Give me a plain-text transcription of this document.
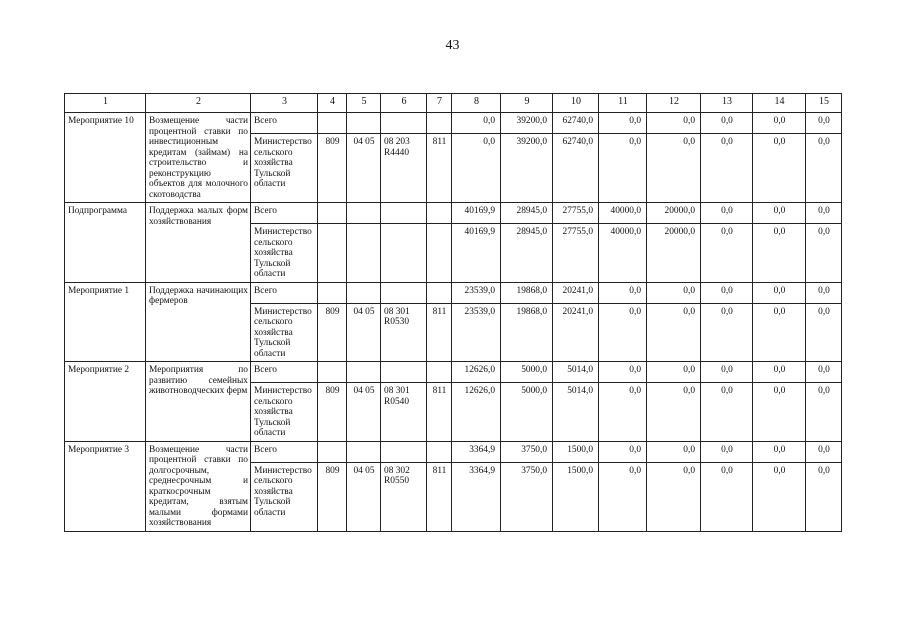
43
1	2	3	4	5	6	7	8	9	10	11	12	13	14	15
Мероприятие 10	Возмещение части процентной ставки по инвестиционным кредитам (займам) на строительство и реконструкцию объектов для молочного скотоводства	Всего					0,0	39200,0	62740,0	0,0	0,0	0,0	0,0	0,0
		Министерство сельского хозяйства Тульской области	809	04 05	08 203 R4440	811	0,0	39200,0	62740,0	0,0	0,0	0,0	0,0	0,0
Подпрограмма	Поддержка малых форм хозяйствования	Всего					40169,9	28945,0	27755,0	40000,0	20000,0	0,0	0,0	0,0
		Министерство сельского хозяйства Тульской области					40169,9	28945,0	27755,0	40000,0	20000,0	0,0	0,0	0,0
Мероприятие 1	Поддержка начинающих фермеров	Всего					23539,0	19868,0	20241,0	0,0	0,0	0,0	0,0	0,0
		Министерство сельского хозяйства Тульской области	809	04 05	08 301 R0530	811	23539,0	19868,0	20241,0	0,0	0,0	0,0	0,0	0,0
Мероприятие 2	Мероприятия по развитию семейных животноводческих ферм	Всего					12626,0	5000,0	5014,0	0,0	0,0	0,0	0,0	0,0
		Министерство сельского хозяйства Тульской области	809	04 05	08 301 R0540	811	12626,0	5000,0	5014,0	0,0	0,0	0,0	0,0	0,0
Мероприятие 3	Возмещение части процентной ставки по долгосрочным, среднесрочным и краткосрочным кредитам, взятым малыми формами хозяйствования	Всего					3364,9	3750,0	1500,0	0,0	0,0	0,0	0,0	0,0
		Министерство сельского хозяйства Тульской области	809	04 05	08 302 R0550	811	3364,9	3750,0	1500,0	0,0	0,0	0,0	0,0	0,0
